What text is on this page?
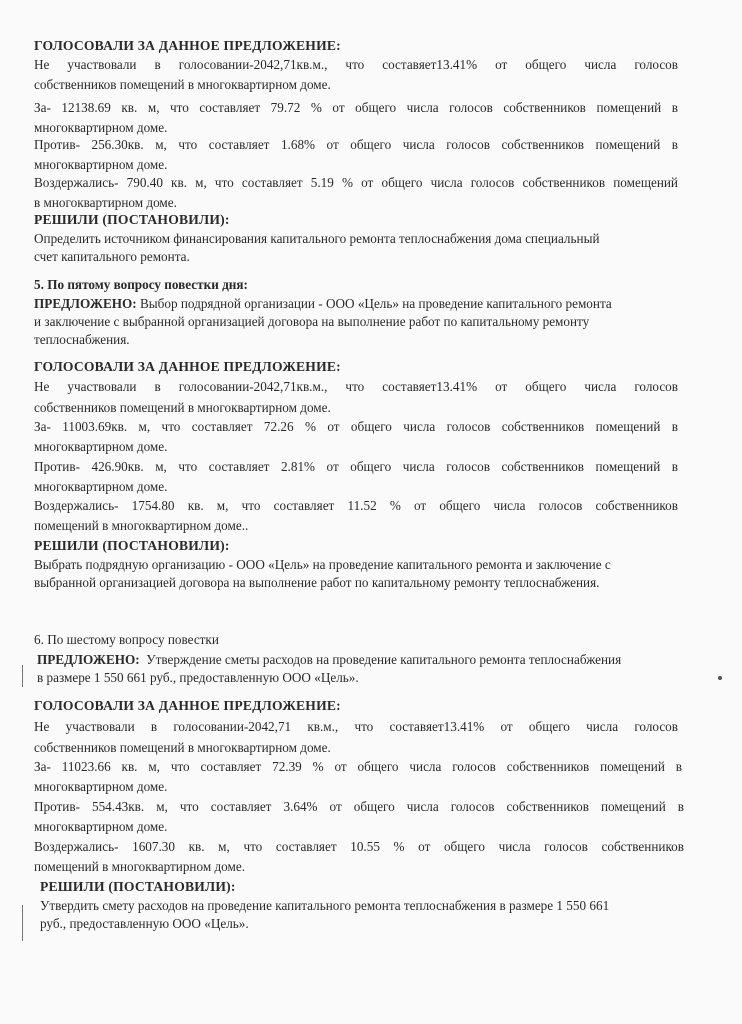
ГОЛОСОВАЛИ ЗА ДАННОЕ ПРЕДЛОЖЕНИЕ:
Не участвовали в голосовании-2042,71кв.м., что составяет13.41% от общего числа голосов
собственников помещений в многоквартирном доме.
За- 12138.69 кв. м, что составляет 79.72 % от общего числа голосов собственников помещений в
многоквартирном доме.
Против- 256.30кв. м, что составляет 1.68% от общего числа голосов собственников помещений в
многоквартирном доме.
Воздержались- 790.40 кв. м, что составляет 5.19 % от общего числа голосов собственников помещений
в многоквартирном доме.
РЕШИЛИ (ПОСТАНОВИЛИ):
Определить источником финансирования капитального ремонта теплоснабжения дома специальный
счет капитального ремонта.
5. По пятому вопросу повестки дня:
ПРЕДЛОЖЕНО: Выбор подрядной организации - ООО «Цель» на проведение капитального ремонта
и заключение с выбранной организацией договора на выполнение работ по капитальному ремонту
теплоснабжения.
ГОЛОСОВАЛИ ЗА ДАННОЕ ПРЕДЛОЖЕНИЕ:
Не участвовали в голосовании-2042,71кв.м., что составяет13.41% от общего числа голосов
собственников помещений в многоквартирном доме.
За- 11003.69кв. м, что составляет 72.26 % от общего числа голосов собственников помещений в
многоквартирном доме.
Против- 426.90кв. м, что составляет 2.81% от общего числа голосов собственников помещений в
многоквартирном доме.
Воздержались- 1754.80 кв. м, что составляет 11.52 % от общего числа голосов собственников
помещений в многоквартирном доме..
РЕШИЛИ (ПОСТАНОВИЛИ):
Выбрать подрядную организацию - ООО «Цель» на проведение капитального ремонта и заключение с
выбранной организацией договора на выполнение работ по капитальному ремонту теплоснабжения.
6. По шестому вопросу повестки
ПРЕДЛОЖЕНО: Утверждение сметы расходов на проведение капитального ремонта теплоснабжения
в размере 1 550 661 руб., предоставленную ООО «Цель».
ГОЛОСОВАЛИ ЗА ДАННОЕ ПРЕДЛОЖЕНИЕ:
Не участвовали в голосовании-2042,71 кв.м., что составяет13.41% от общего числа голосов
собственников помещений в многоквартирном доме.
За- 11023.66 кв. м, что составляет 72.39 % от общего числа голосов собственников помещений в
многоквартирном доме.
Против- 554.43кв. м, что составляет 3.64% от общего числа голосов собственников помещений в
многоквартирном доме.
Воздержались- 1607.30 кв. м, что составляет 10.55 % от общего числа голосов собственников
помещений в многоквартирном доме.
РЕШИЛИ (ПОСТАНОВИЛИ):
Утвердить смету расходов на проведение капитального ремонта теплоснабжения в размере 1 550 661
руб., предоставленную ООО «Цель».
